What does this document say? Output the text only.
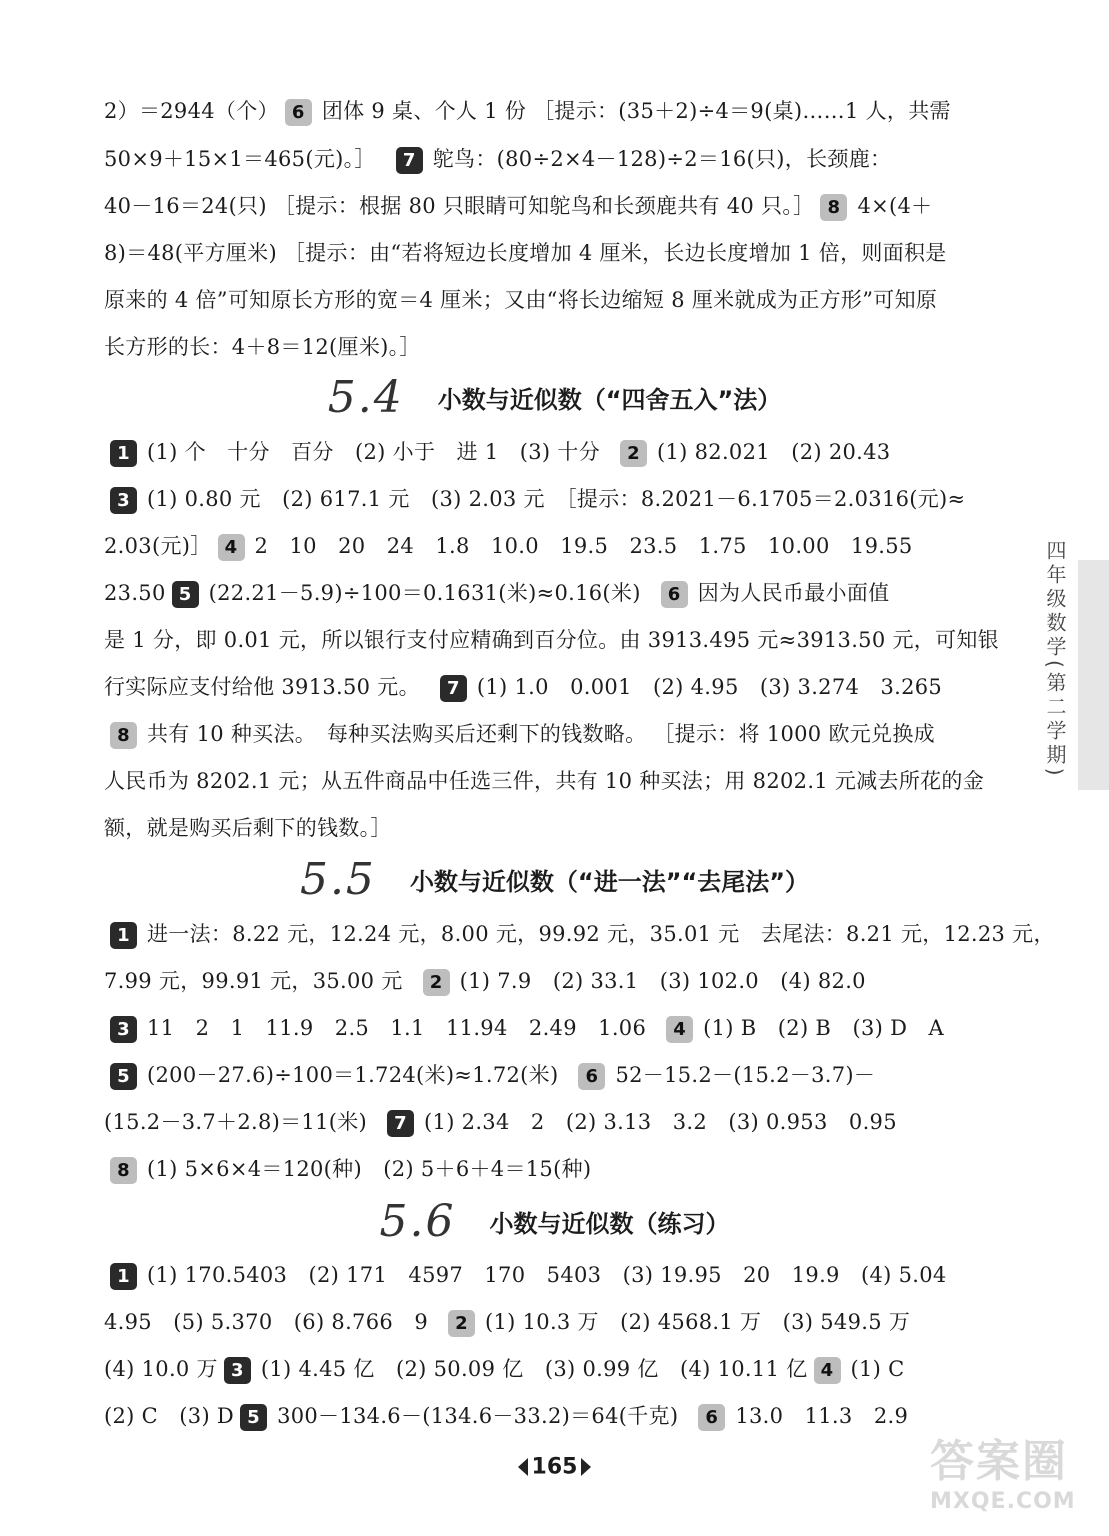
2）＝2944（个） 6 团体 9 桌、个人 1 份 ［提示：(35＋2)÷4＝9(桌)……1 人，共需
50×9＋15×1＝465(元)。］ 7 鸵鸟：(80÷2×4－128)÷2＝16(只)，长颈鹿：
40－16＝24(只) ［提示：根据 80 只眼睛可知鸵鸟和长颈鹿共有 40 只。］ 8 4×(4＋
8)＝48(平方厘米) ［提示：由“若将短边长度增加 4 厘米，长边长度增加 1 倍，则面积是
原来的 4 倍”可知原长方形的宽＝4 厘米；又由“将长边缩短 8 厘米就成为正方形”可知原
长方形的长：4＋8＝12(厘米)。］
5.4 小数与近似数（“四舍五入”法）
1 (1) 个　十分　百分　(2) 小于　进 1　(3) 十分 2 (1) 82.021　(2) 20.43
3 (1) 0.80 元　(2) 617.1 元　(3) 2.03 元　［提示：8.2021－6.1705＝2.0316(元)≈
2.03(元)］ 4 2　10　20　24　1.8　10.0　19.5　23.5　1.75　10.00　19.55
23.50 5 (22.21－5.9)÷100＝0.1631(米)≈0.16(米) 6 因为人民币最小面值
是 1 分，即 0.01 元，所以银行支付应精确到百分位。由 3913.495 元≈3913.50 元，可知银
行实际应支付给他 3913.50 元。 7 (1) 1.0　0.001　(2) 4.95　(3) 3.274　3.265
8 共有 10 种买法。　每种买法购买后还剩下的钱数略。 ［提示：将 1000 欧元兑换成
人民币为 8202.1 元；从五件商品中任选三件，共有 10 种买法；用 8202.1 元减去所花的金
额，就是购买后剩下的钱数。］
5.5 小数与近似数（“进一法”“去尾法”）
1 进一法：8.22 元，12.24 元，8.00 元，99.92 元，35.01 元　去尾法：8.21 元，12.23 元，
7.99 元，99.91 元，35.00 元 2 (1) 7.9　(2) 33.1　(3) 102.0　(4) 82.0
3 11　2　1　11.9　2.5　1.1　11.94　2.49　1.06 4 (1) B　(2) B　(3) D　A
5 (200－27.6)÷100＝1.724(米)≈1.72(米) 6 52－15.2－(15.2－3.7)－
(15.2－3.7＋2.8)＝11(米) 7 (1) 2.34　2　(2) 3.13　3.2　(3) 0.953　0.95
8 (1) 5×6×4＝120(种)　(2) 5＋6＋4＝15(种)
5.6 小数与近似数（练习）
1 (1) 170.5403　(2) 171　4597　170　5403　(3) 19.95　20　19.9　(4) 5.04
4.95　(5) 5.370　(6) 8.766　9 2 (1) 10.3 万　(2) 4568.1 万　(3) 549.5 万
(4) 10.0 万 3 (1) 4.45 亿　(2) 50.09 亿　(3) 0.99 亿　(4) 10.11 亿 4 (1) C
(2) C　(3) D 5 300－134.6－(134.6－33.2)＝64(千克) 6 13.0　11.3　2.9
165
四年级数学(第二学期)
答案圈
MXQE.COM
